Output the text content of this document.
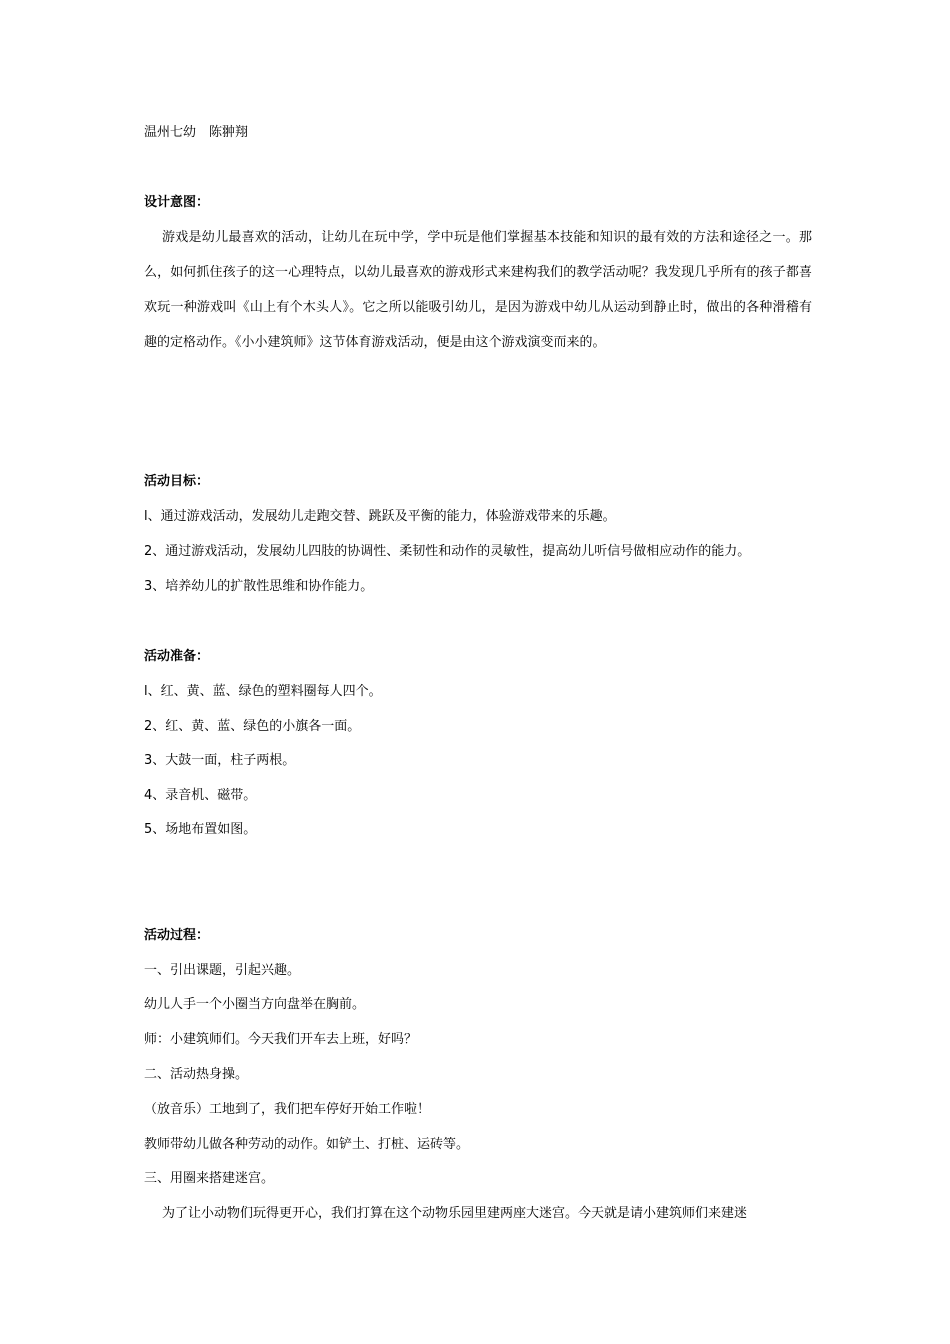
温州七幼　陈翀翔
设计意图：
游戏是幼儿最喜欢的活动，让幼儿在玩中学，学中玩是他们掌握基本技能和知识的最有效的方法和途径之一。那么，如何抓住孩子的这一心理特点，以幼儿最喜欢的游戏形式来建构我们的教学活动呢？我发现几乎所有的孩子都喜欢玩一种游戏叫《山上有个木头人》。它之所以能吸引幼儿，是因为游戏中幼儿从运动到静止时，做出的各种滑稽有趣的定格动作。《小小建筑师》这节体育游戏活动，便是由这个游戏演变而来的。
活动目标：
l、通过游戏活动，发展幼儿走跑交替、跳跃及平衡的能力，体验游戏带来的乐趣。
2、通过游戏活动，发展幼儿四肢的协调性、柔韧性和动作的灵敏性，提高幼儿听信号做相应动作的能力。
3、培养幼儿的扩散性思维和协作能力。
活动准备：
l、红、黄、蓝、绿色的塑料圈每人四个。
2、红、黄、蓝、绿色的小旗各一面。
3、大鼓一面，柱子两根。
4、录音机、磁带。
5、场地布置如图。
活动过程：
一、引出课题，引起兴趣。
幼儿人手一个小圈当方向盘举在胸前。
师：小建筑师们。今天我们开车去上班，好吗？
二、活动热身操。
（放音乐）工地到了，我们把车停好开始工作啦！
教师带幼儿做各种劳动的动作。如铲土、打桩、运砖等。
三、用圈来搭建迷宫。
为了让小动物们玩得更开心，我们打算在这个动物乐园里建两座大迷宫。今天就是请小建筑师们来建迷
